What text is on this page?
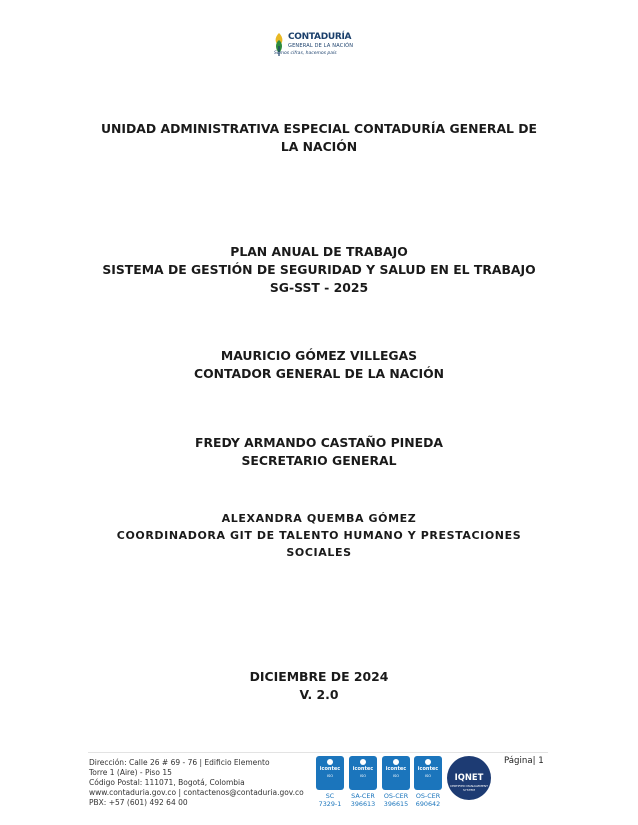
CONTADURÍA
GENERAL DE LA NACIÓN
Somos cifras, hacemos país
UNIDAD ADMINISTRATIVA ESPECIAL CONTADURÍA GENERAL DE
LA NACIÓN
PLAN ANUAL DE TRABAJO
SISTEMA DE GESTIÓN DE SEGURIDAD Y SALUD EN EL TRABAJO
SG-SST - 2025
MAURICIO GÓMEZ VILLEGAS
CONTADOR GENERAL DE LA NACIÓN
FREDY ARMANDO CASTAÑO PINEDA
SECRETARIO GENERAL
ALEXANDRA QUEMBA GÓMEZ
COORDINADORA GIT DE TALENTO HUMANO Y PRESTACIONES
SOCIALES
DICIEMBRE DE 2024
V. 2.0
Dirección: Calle 26 # 69 - 76 | Edificio Elemento
Torre 1 (Aire) - Piso 15
Código Postal: 111071, Bogotá, Colombia
www.contaduria.gov.co | contactenos@contaduria.gov.co
PBX: +57 (601) 492 64 00
icontec
ISO
SC
7329-1
icontec
ISO
SA-CER
396613
icontec
ISO
OS-CER
396615
icontec
ISO
OS-CER
690642
IQNET
CERTIFIED MANAGEMENT SYSTEM
Página| 1
